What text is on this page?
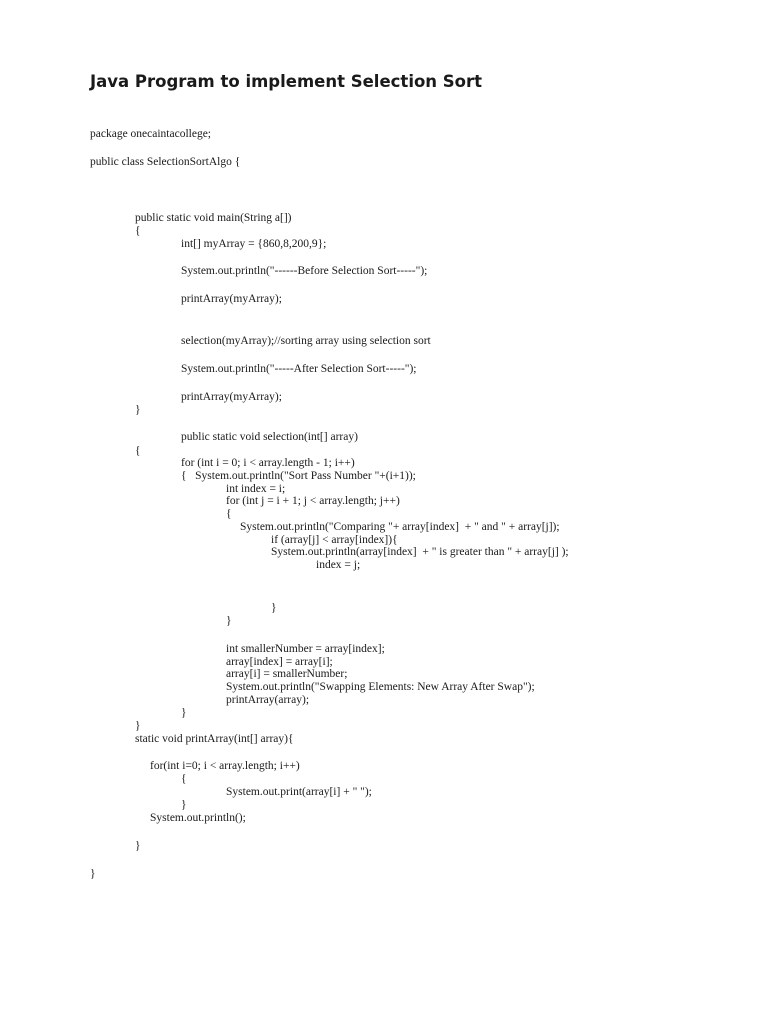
Java Program to implement Selection Sort
package onecaintacollege;
public class SelectionSortAlgo {
public static void main(String a[])
{
int[] myArray = {860,8,200,9};
System.out.println("------Before Selection Sort-----");
printArray(myArray);
selection(myArray);//sorting array using selection sort
System.out.println("-----After Selection Sort-----");
printArray(myArray);
}
public static void selection(int[] array)
{
for (int i = 0; i < array.length - 1; i++)
{   System.out.println("Sort Pass Number "+(i+1));
int index = i;
for (int j = i + 1; j < array.length; j++)
{
System.out.println("Comparing "+ array[index]  + " and " + array[j]);
if (array[j] < array[index]){
System.out.println(array[index]  + " is greater than " + array[j] );
index = j;
}
}
int smallerNumber = array[index];
array[index] = array[i];
array[i] = smallerNumber;
System.out.println("Swapping Elements: New Array After Swap");
printArray(array);
}
}
static void printArray(int[] array){
for(int i=0; i < array.length; i++)
{
System.out.print(array[i] + " ");
}
System.out.println();
}
}
